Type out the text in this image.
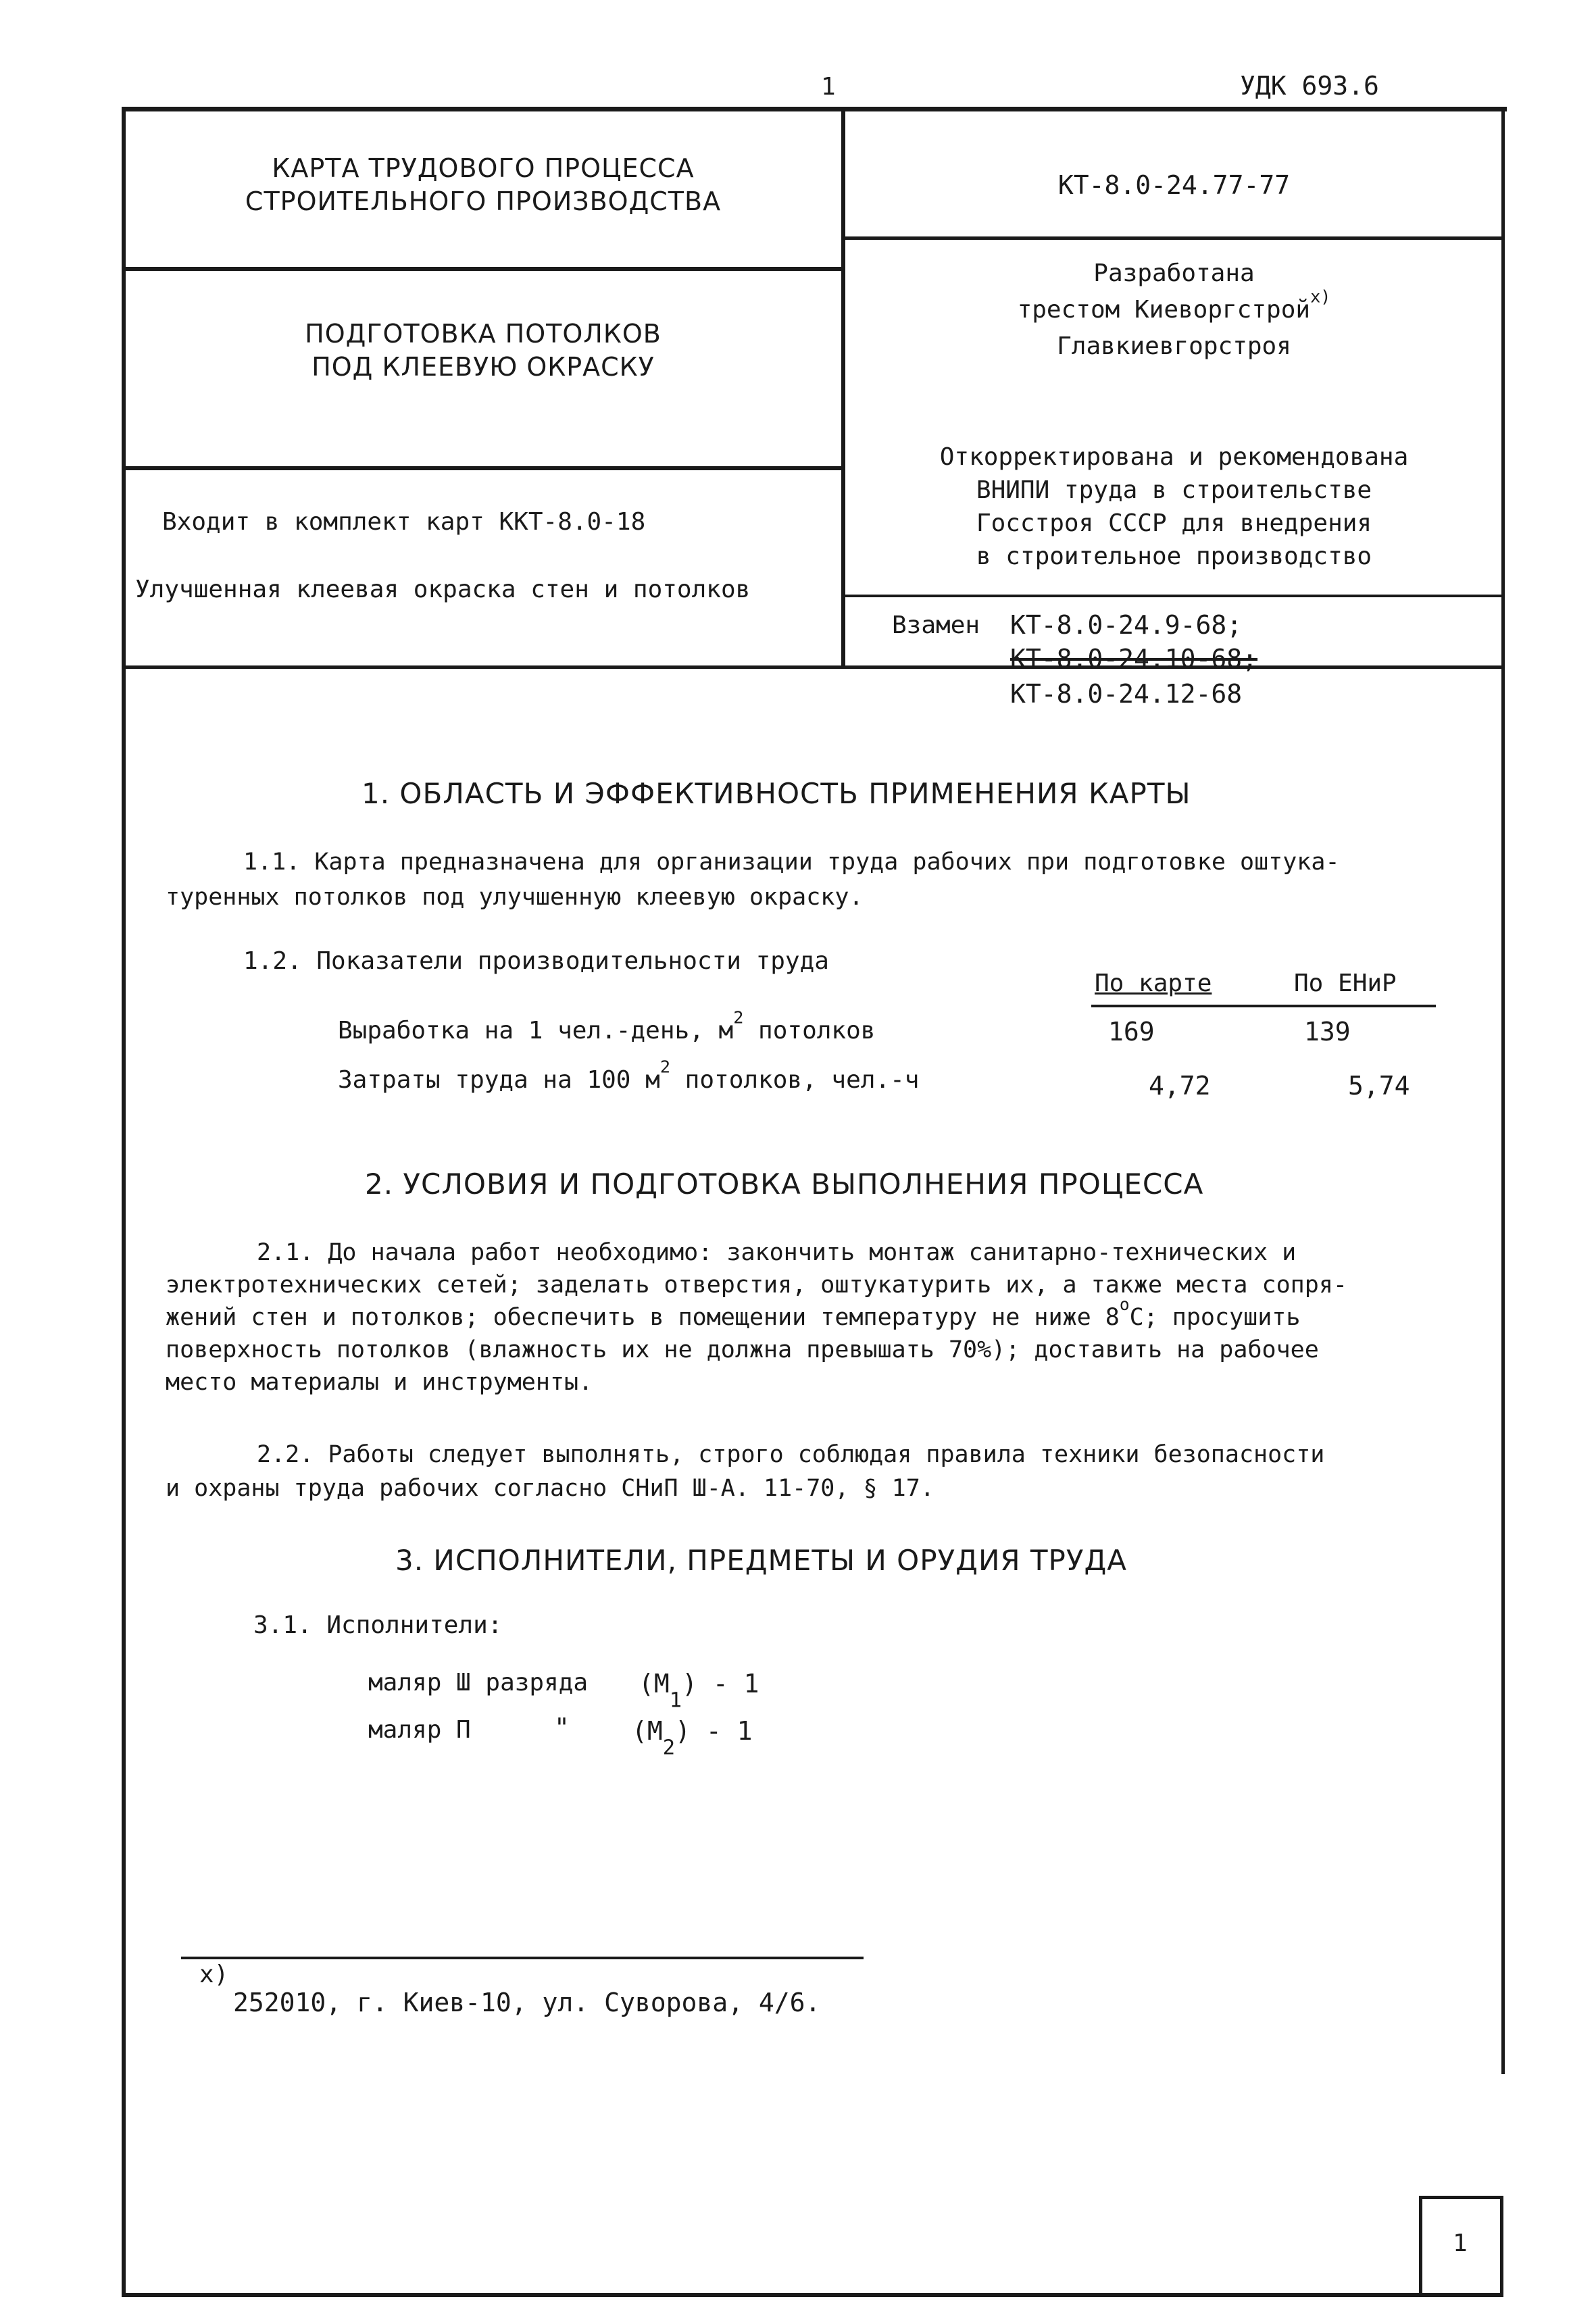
1	УДК 693.6
КАРТА ТРУДОВОГО ПРОЦЕССА
СТРОИТЕЛЬНОГО ПРОИЗВОДСТВА
КТ-8.0-24.77-77
ПОДГОТОВКА ПОТОЛКОВ
ПОД КЛЕЕВУЮ ОКРАСКУ
Разработана
трестом Киеворгстрой$^{х)}$
Главкиевгорстроя
Откорректирована и рекомендована
ВНИПИ труда в строительстве
Госстроя СССР для внедрения
в строительное производство
Входит в комплект карт ККТ-8.0-18
Улучшенная клеевая окраска стен и потолков
Взамен КТ-8.0-24.9-68;
КТ-8.0-24.10-68;
КТ-8.0-24.12-68
1. ОБЛАСТЬ И ЭФФЕКТИВНОСТЬ ПРИМЕНЕНИЯ КАРТЫ

1.1. Карта предназначена для организации труда рабочих при подготовке оштука-

туренных потолков под улучшенную клеевую окраску.

1.2. Показатели производительности труда
По карте	По ЕНиР
Выработка на 1 чел.-день, $м^2$ потолков	169	139
Затраты труда на 100 $м^2$ потолков, чел.-ч	4,72	5,74
2. УСЛОВИЯ И ПОДГОТОВКА ВЫПОЛНЕНИЯ ПРОЦЕССА

2.1. До начала работ необходимо: закончить монтаж санитарно-технических и

электротехнических сетей; заделать отверстия, оштукатурить их, а также места сопря-

жений стен и потолков; обеспечить в помещении температуру не ниже $8^оС$; просушить

поверхность потолков (влажность их не должна превышать 70%); доставить на рабочее

место материалы и инструменты.

2.2. Работы следует выполнять, строго соблюдая правила техники безопасности

и охраны труда рабочих согласно СНиП Ш-А. 11-70, § 17.

3. ИСПОЛНИТЕЛИ, ПРЕДМЕТЫ И ОРУДИЯ ТРУДА
3.1. Исполнители:
маляр Ш разряда $(М_1) - 1$
маляр П	" $(М_2) - 1$
х)
252010, г. Киев-10, ул. Суворова, 4/6.
1
